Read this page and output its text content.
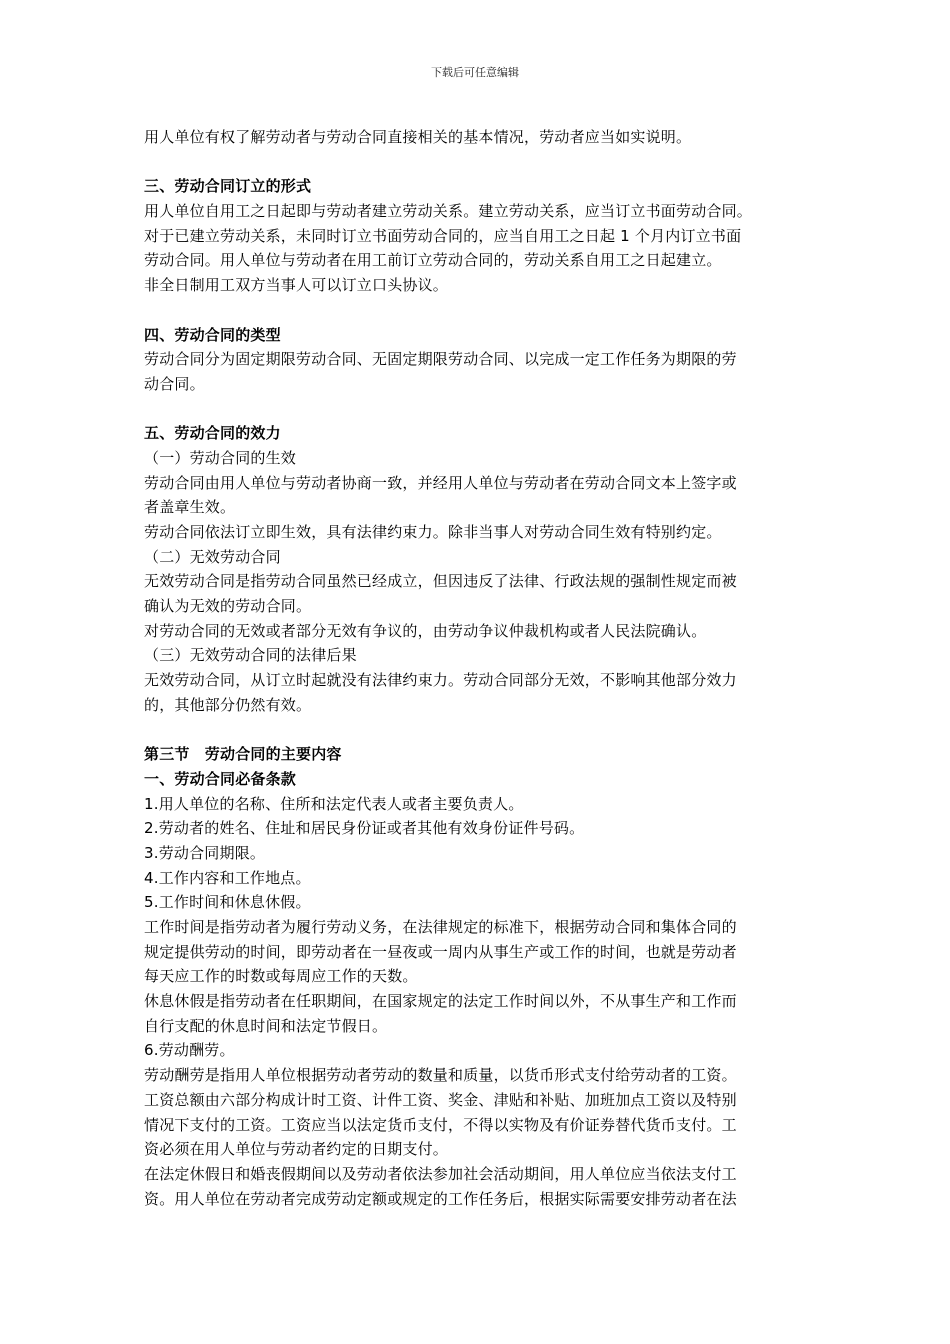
下载后可任意编辑
用人单位有权了解劳动者与劳动合同直接相关的基本情况，劳动者应当如实说明。
三、劳动合同订立的形式
用人单位自用工之日起即与劳动者建立劳动关系。建立劳动关系，应当订立书面劳动合同。
对于已建立劳动关系，未同时订立书面劳动合同的，应当自用工之日起 1 个月内订立书面
劳动合同。用人单位与劳动者在用工前订立劳动合同的，劳动关系自用工之日起建立。
非全日制用工双方当事人可以订立口头协议。
四、劳动合同的类型
劳动合同分为固定期限劳动合同、无固定期限劳动合同、以完成一定工作任务为期限的劳
动合同。
五、劳动合同的效力
（一）劳动合同的生效
劳动合同由用人单位与劳动者协商一致，并经用人单位与劳动者在劳动合同文本上签字或
者盖章生效。
劳动合同依法订立即生效，具有法律约束力。除非当事人对劳动合同生效有特别约定。
（二）无效劳动合同
无效劳动合同是指劳动合同虽然已经成立，但因违反了法律、行政法规的强制性规定而被
确认为无效的劳动合同。
对劳动合同的无效或者部分无效有争议的，由劳动争议仲裁机构或者人民法院确认。
（三）无效劳动合同的法律后果
无效劳动合同，从订立时起就没有法律约束力。劳动合同部分无效，不影响其他部分效力
的，其他部分仍然有效。
第三节　劳动合同的主要内容
一、劳动合同必备条款
1.用人单位的名称、住所和法定代表人或者主要负责人。
2.劳动者的姓名、住址和居民身份证或者其他有效身份证件号码。
3.劳动合同期限。
4.工作内容和工作地点。
5.工作时间和休息休假。
工作时间是指劳动者为履行劳动义务，在法律规定的标准下，根据劳动合同和集体合同的
规定提供劳动的时间，即劳动者在一昼夜或一周内从事生产或工作的时间，也就是劳动者
每天应工作的时数或每周应工作的天数。
休息休假是指劳动者在任职期间，在国家规定的法定工作时间以外，不从事生产和工作而
自行支配的休息时间和法定节假日。
6.劳动酬劳。
劳动酬劳是指用人单位根据劳动者劳动的数量和质量，以货币形式支付给劳动者的工资。
工资总额由六部分构成计时工资、计件工资、奖金、津贴和补贴、加班加点工资以及特别
情况下支付的工资。工资应当以法定货币支付，不得以实物及有价证券替代货币支付。工
资必须在用人单位与劳动者约定的日期支付。
在法定休假日和婚丧假期间以及劳动者依法参加社会活动期间，用人单位应当依法支付工
资。用人单位在劳动者完成劳动定额或规定的工作任务后，根据实际需要安排劳动者在法
